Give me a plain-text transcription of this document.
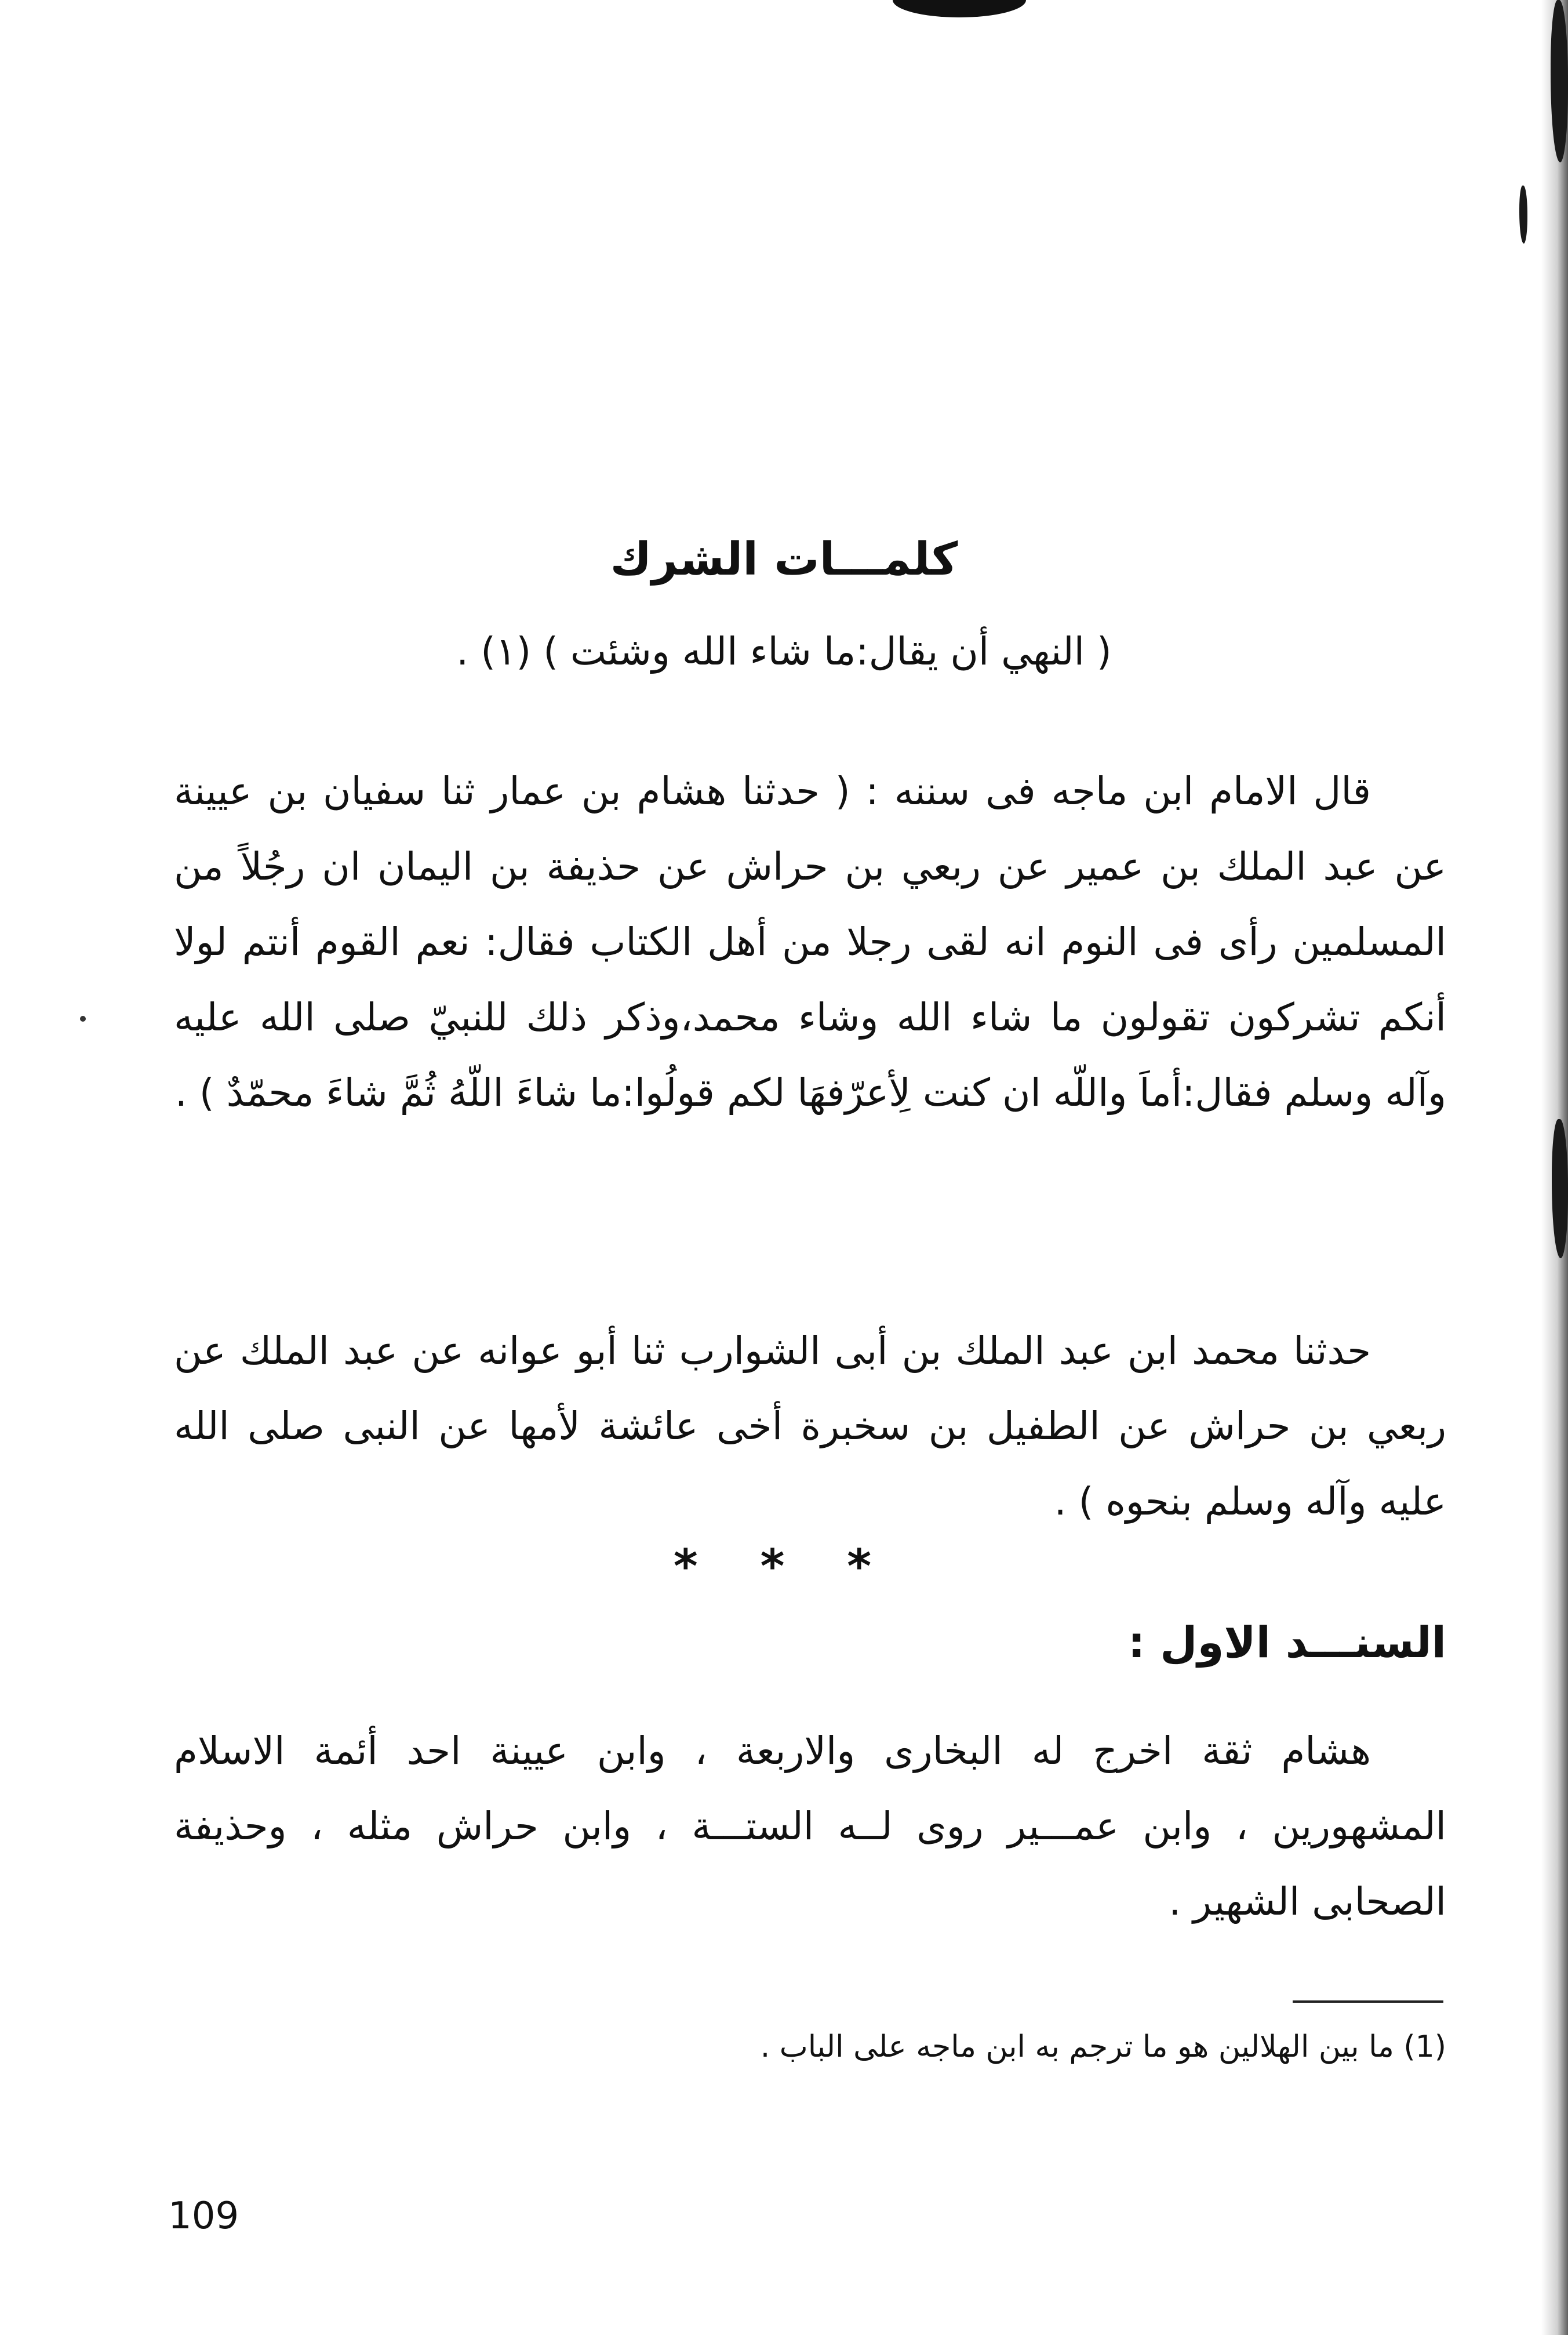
كلمـــات الشرك
( النهي أن يقال:ما شاء الله وشئت ) (١) .

قال الامام ابن ماجه فى سننه : ( حدثنا هشام بن عمار ثنا سفيان بن عيينة عن عبد الملك بن عمير عن ربعي بن حراش عن حذيفة بن اليمان ان رجُلاً من المسلمين رأى فى النوم انه لقى رجلا من أهل الكتاب فقال: نعم القوم أنتم لولا أنكم تشركون تقولون ما شاء الله وشاء محمد،وذكر ذلك للنبيّ صلى الله عليه وآله وسلم فقال:أماَ واللّه ان كنت لِأعرّفهَا لكم قولُوا:ما شاءَ اللّهُ ثُمَّ شاءَ محمّدٌ ) .

حدثنا محمد ابن عبد الملك بن أبى الشوارب ثنا أبو عوانه عن عبد الملك عن ربعي بن حراش عن الطفيل بن سخبرة أخى عائشة لأمها عن النبى صلى الله عليه وآله وسلم بنحوه ) .

* * *
السنـــد الاول :

هشام ثقة اخرج له البخارى والاربعة ، وابن عيينة احد أئمة الاسلام المشهورين ، وابن عمـــير روى لــه الستـــة ، وابن حراش مثله ، وحذيفة الصحابى الشهير .

(1) ما بين الهلالين هو ما ترجم به ابن ماجه على الباب .
109
